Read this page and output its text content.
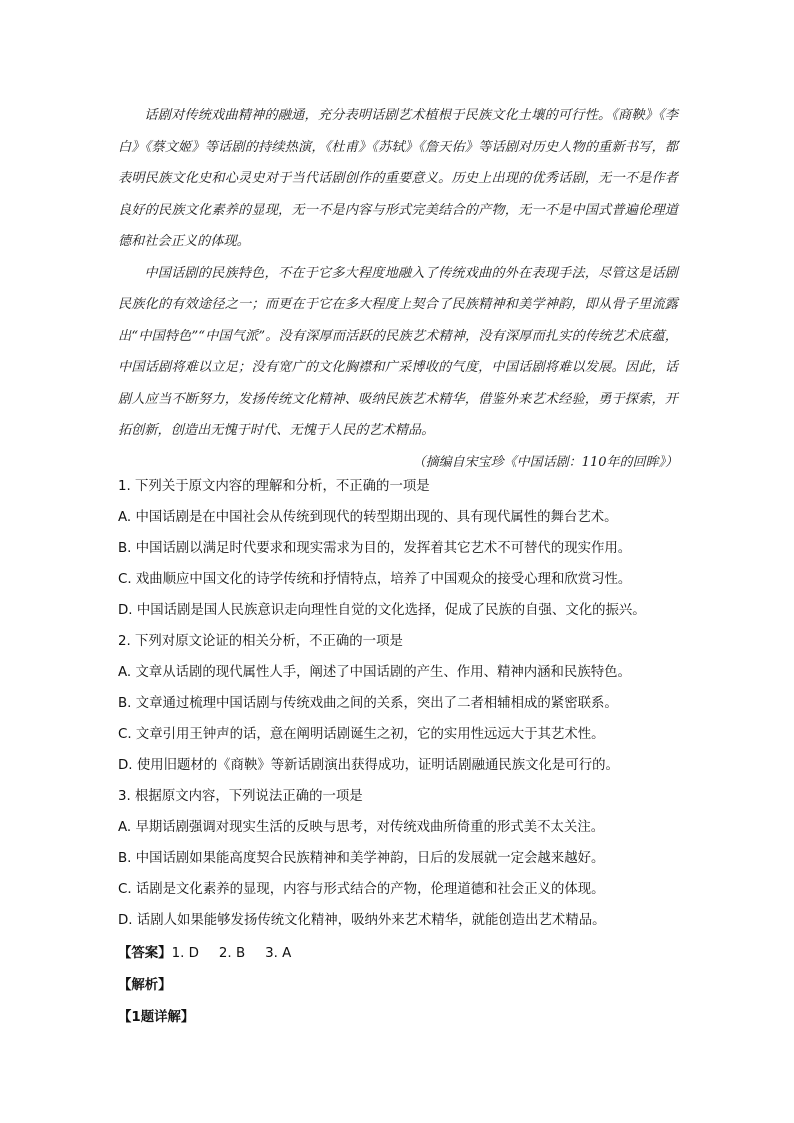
话剧对传统戏曲精神的融通，充分表明话剧艺术植根于民族文化土壤的可行性。《商鞅》《李白》《蔡文姬》等话剧的持续热演，《杜甫》《苏轼》《詹天佑》等话剧对历史人物的重新书写，都表明民族文化史和心灵史对于当代话剧创作的重要意义。历史上出现的优秀话剧，无一不是作者良好的民族文化素养的显现，无一不是内容与形式完美结合的产物，无一不是中国式普遍伦理道德和社会正义的体现。

中国话剧的民族特色，不在于它多大程度地融入了传统戏曲的外在表现手法，尽管这是话剧民族化的有效途径之一；而更在于它在多大程度上契合了民族精神和美学神韵，即从骨子里流露出“中国特色”“中国气派”。没有深厚而活跃的民族艺术精神，没有深厚而扎实的传统艺术底蕴，中国话剧将难以立足；没有宽广的文化胸襟和广采博收的气度，中国话剧将难以发展。因此，话剧人应当不断努力，发扬传统文化精神、吸纳民族艺术精华，借鉴外来艺术经验，勇于探索，开拓创新，创造出无愧于时代、无愧于人民的艺术精品。

（摘编自宋宝珍《中国话剧：110年的回眸》）
1. 下列关于原文内容的理解和分析，不正确的一项是
A. 中国话剧是在中国社会从传统到现代的转型期出现的、具有现代属性的舞台艺术。
B. 中国话剧以满足时代要求和现实需求为目的，发挥着其它艺术不可替代的现实作用。
C. 戏曲顺应中国文化的诗学传统和抒情特点，培养了中国观众的接受心理和欣赏习性。
D. 中国话剧是国人民族意识走向理性自觉的文化选择，促成了民族的自强、文化的振兴。
2. 下列对原文论证的相关分析，不正确的一项是
A. 文章从话剧的现代属性人手，阐述了中国话剧的产生、作用、精神内涵和民族特色。
B. 文章通过梳理中国话剧与传统戏曲之间的关系，突出了二者相辅相成的紧密联系。
C. 文章引用王钟声的话，意在阐明话剧诞生之初，它的实用性远远大于其艺术性。
D. 使用旧题材的《商鞅》等新话剧演出获得成功，证明话剧融通民族文化是可行的。
3. 根据原文内容，下列说法正确的一项是
A. 早期话剧强调对现实生活的反映与思考，对传统戏曲所倚重的形式美不太关注。
B. 中国话剧如果能高度契合民族精神和美学神韵，日后的发展就一定会越来越好。
C. 话剧是文化素养的显现，内容与形式结合的产物，伦理道德和社会正义的体现。
D. 话剧人如果能够发扬传统文化精神，吸纳外来艺术精华，就能创造出艺术精品。
【答案】1. D 2. B 3. A
【解析】
【1题详解】
